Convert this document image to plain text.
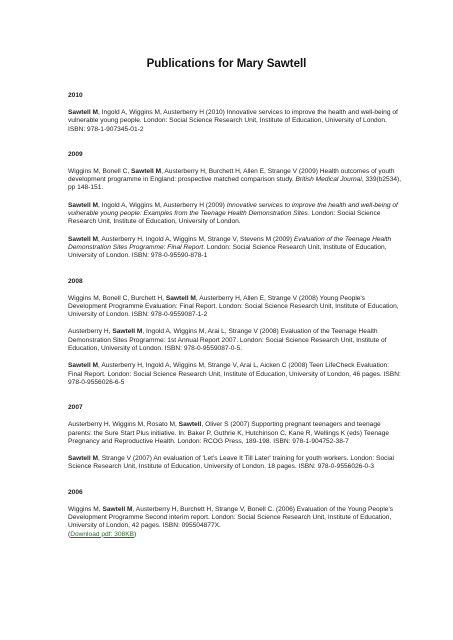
Publications for Mary Sawtell
2010
Sawtell M, Ingold A, Wiggins M, Austerberry H (2010) Innovative services to improve the health and well-being of vulnerable young people. London: Social Science Research Unit, Institute of Education, University of London.
ISBN: 978-1-907345-01-2
2009
Wiggins M, Bonell C, Sawtell M, Austerberry H, Burchett H, Allen E, Strange V (2009) Health outcomes of youth development programme in England: prospective matched comparison study. British Medical Journal, 339(b2534), pp 148-151.
Sawtell M, Ingold A, Wiggins M, Austerberry H (2009) Innovative services to improve the health and well-being of vulnerable young people: Examples from the Teenage Health Demonstration Sites. London: Social Science Research Unit, Institute of Education, University of London.
Sawtell M, Austerberry H, Ingold A, Wiggins M, Strange V, Stevens M (2009) Evaluation of the Teenage Health Demonstration Sites Programme: Final Report. London: Social Science Research Unit, Institute of Education, University of London. ISBN: 978-0-95590-878-1
2008
Wiggins M, Bonell C, Burchett H, Sawtell M, Austerberry H, Allen E, Strange V (2008) Young People's Development Programme Evaluation: Final Report. London: Social Science Research Unit, Institute of Education, University of London. ISBN: 978-0-9559087-1-2
Austerberry H, Sawtell M, Ingold A, Wiggins M, Arai L, Strange V (2008) Evaluation of the Teenage Health Demonstration Sites Programme: 1st Annual Report 2007. London: Social Science Research Unit, Institute of Education, University of London. ISBN: 978-0-9559087-0-5.
Sawtell M, Austerberry H, Ingold A, Wiggins M, Strange V, Arai L, Aicken C (2008) Teen LifeCheck Evaluation: Final Report. London: Social Science Research Unit, Institute of Education, University of London, 46 pages. ISBN: 978-0-9556026-6-5
2007
Austerberry H, Wiggins M, Rosato M, Sawtell, Oliver S (2007) Supporting pregnant teenagers and teenage parents: the Sure Start Plus initiative. In: Baker P, Guthrie K, Hutchinson C, Kane R, Wellings K (eds) Teenage Pregnancy and Reproductive Health. London: RCOG Press, 189-198. ISBN: 978-1-904752-38-7
Sawtell M, Strange V (2007) An evaluation of 'Let's Leave It Till Later' training for youth workers. London: Social Science Research Unit, Institute of Education, University of London. 18 pages. ISBN: 978-0-9556026-0-3
2006
Wiggins M, Sawtell M, Austerberry H, Burchett H, Strange V, Bonell C. (2006) Evaluation of the Young People's Development Programme Second interim report. London: Social Science Research Unit, Institute of Education, University of London, 42 pages. ISBN: 095504877X.
(Download pdf: 308KB)
